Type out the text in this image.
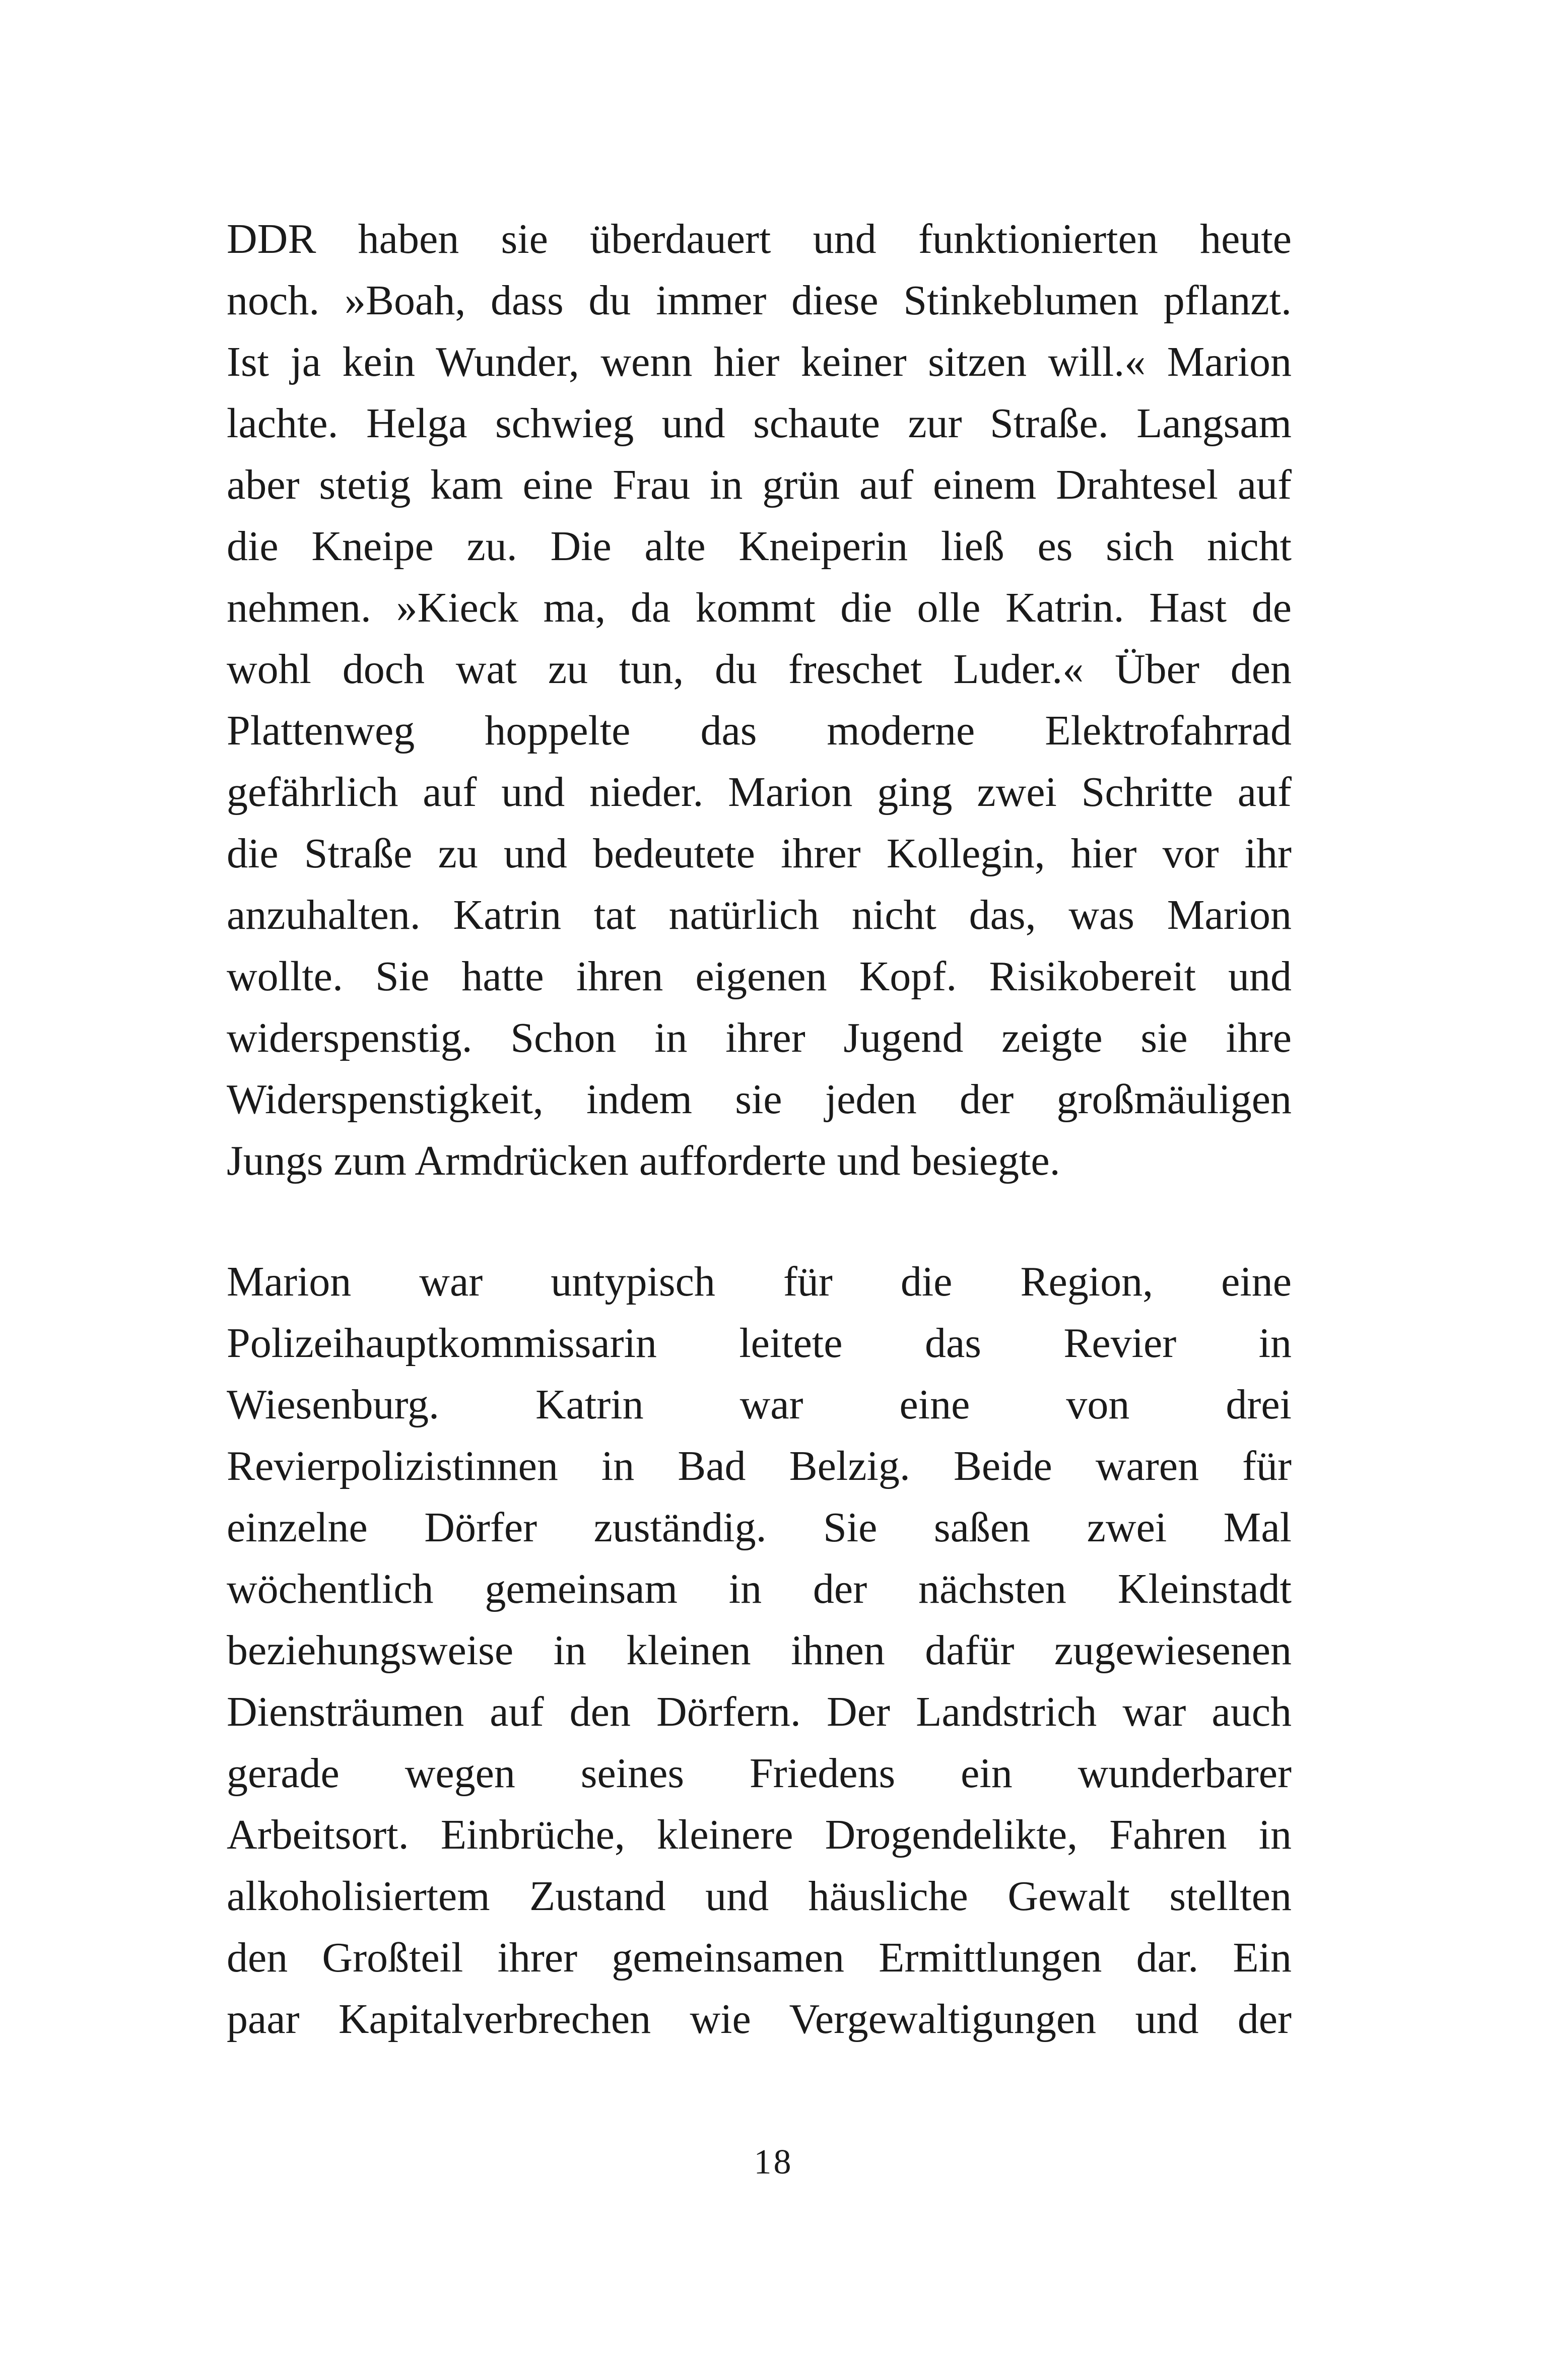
DDR haben sie überdauert und funktionierten heute
noch. »Boah, dass du immer diese Stinkeblumen pflanzt.
Ist ja kein Wunder, wenn hier keiner sitzen will.« Marion
lachte. Helga schwieg und schaute zur Straße. Langsam
aber stetig kam eine Frau in grün auf einem Drahtesel auf
die Kneipe zu. Die alte Kneiperin ließ es sich nicht
nehmen. »Kieck ma, da kommt die olle Katrin. Hast de
wohl doch wat zu tun, du freschet Luder.« Über den
Plattenweg hoppelte das moderne Elektrofahrrad
gefährlich auf und nieder. Marion ging zwei Schritte auf
die Straße zu und bedeutete ihrer Kollegin, hier vor ihr
anzuhalten. Katrin tat natürlich nicht das, was Marion
wollte. Sie hatte ihren eigenen Kopf. Risikobereit und
widerspenstig. Schon in ihrer Jugend zeigte sie ihre
Widerspenstigkeit, indem sie jeden der großmäuligen
Jungs zum Armdrücken aufforderte und besiegte.
Marion war untypisch für die Region, eine
Polizeihauptkommissarin leitete das Revier in
Wiesenburg. Katrin war eine von drei
Revierpolizistinnen in Bad Belzig. Beide waren für
einzelne Dörfer zuständig. Sie saßen zwei Mal
wöchentlich gemeinsam in der nächsten Kleinstadt
beziehungsweise in kleinen ihnen dafür zugewiesenen
Diensträumen auf den Dörfern. Der Landstrich war auch
gerade wegen seines Friedens ein wunderbarer
Arbeitsort. Einbrüche, kleinere Drogendelikte, Fahren in
alkoholisiertem Zustand und häusliche Gewalt stellten
den Großteil ihrer gemeinsamen Ermittlungen dar. Ein
paar Kapitalverbrechen wie Vergewaltigungen und der
18
